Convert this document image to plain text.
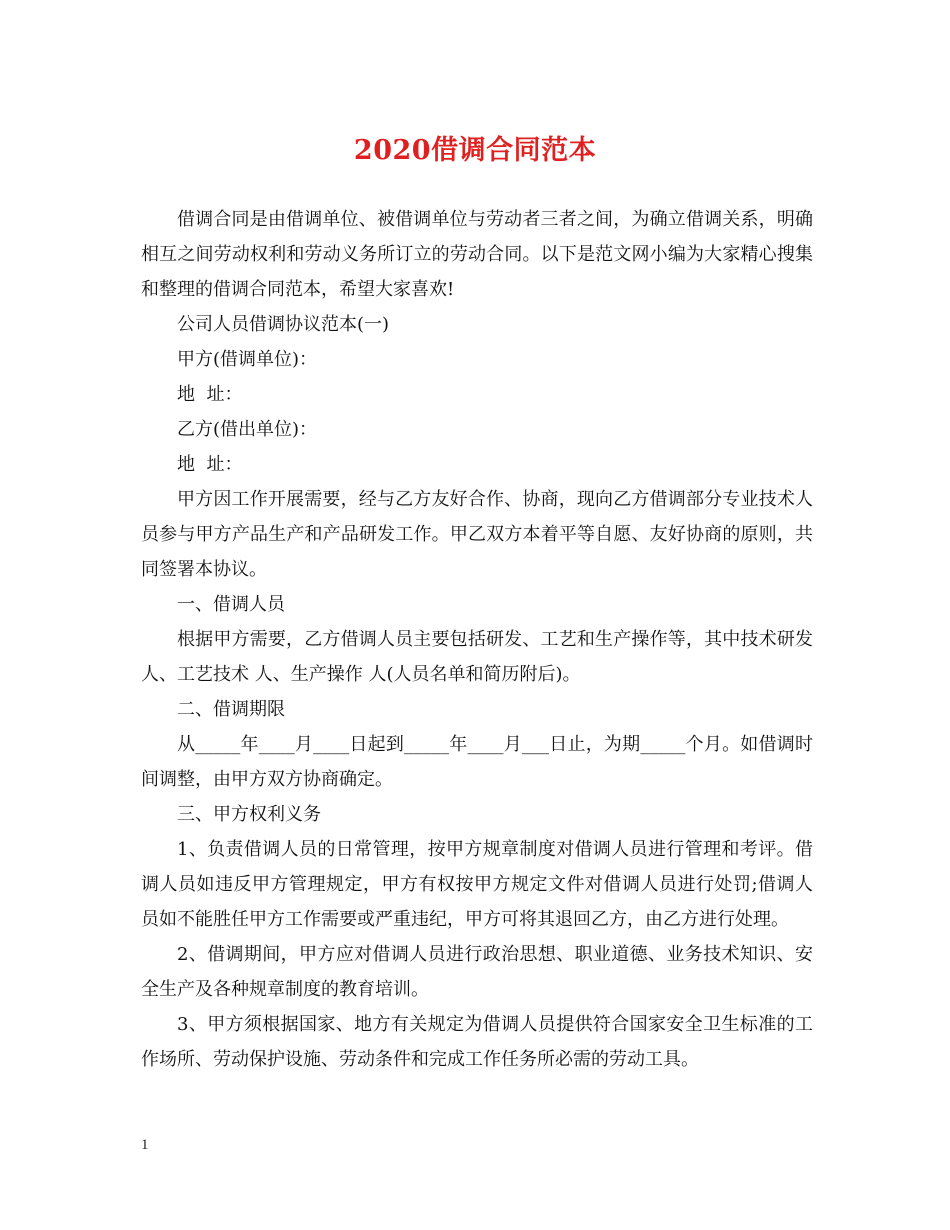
2020借调合同范本

借调合同是由借调单位、被借调单位与劳动者三者之间，为确立借调关系，明确相互之间劳动权利和劳动义务所订立的劳动合同。以下是范文网小编为大家精心搜集和整理的借调合同范本，希望大家喜欢!

公司人员借调协议范本(一)

甲方(借调单位)：

地  址：

乙方(借出单位)：

地  址：

甲方因工作开展需要，经与乙方友好合作、协商，现向乙方借调部分专业技术人员参与甲方产品生产和产品研发工作。甲乙双方本着平等自愿、友好协商的原则，共同签署本协议。

一、借调人员

根据甲方需要，乙方借调人员主要包括研发、工艺和生产操作等，其中技术研发 人、工艺技术 人、生产操作 人(人员名单和简历附后)。

二、借调期限

从_____年____月____日起到_____年____月___日止，为期_____个月。如借调时间调整，由甲方双方协商确定。

三、甲方权利义务

1、负责借调人员的日常管理，按甲方规章制度对借调人员进行管理和考评。借调人员如违反甲方管理规定，甲方有权按甲方规定文件对借调人员进行处罚;借调人员如不能胜任甲方工作需要或严重违纪，甲方可将其退回乙方，由乙方进行处理。

2、借调期间，甲方应对借调人员进行政治思想、职业道德、业务技术知识、安全生产及各种规章制度的教育培训。

3、甲方须根据国家、地方有关规定为借调人员提供符合国家安全卫生标准的工作场所、劳动保护设施、劳动条件和完成工作任务所必需的劳动工具。

1
